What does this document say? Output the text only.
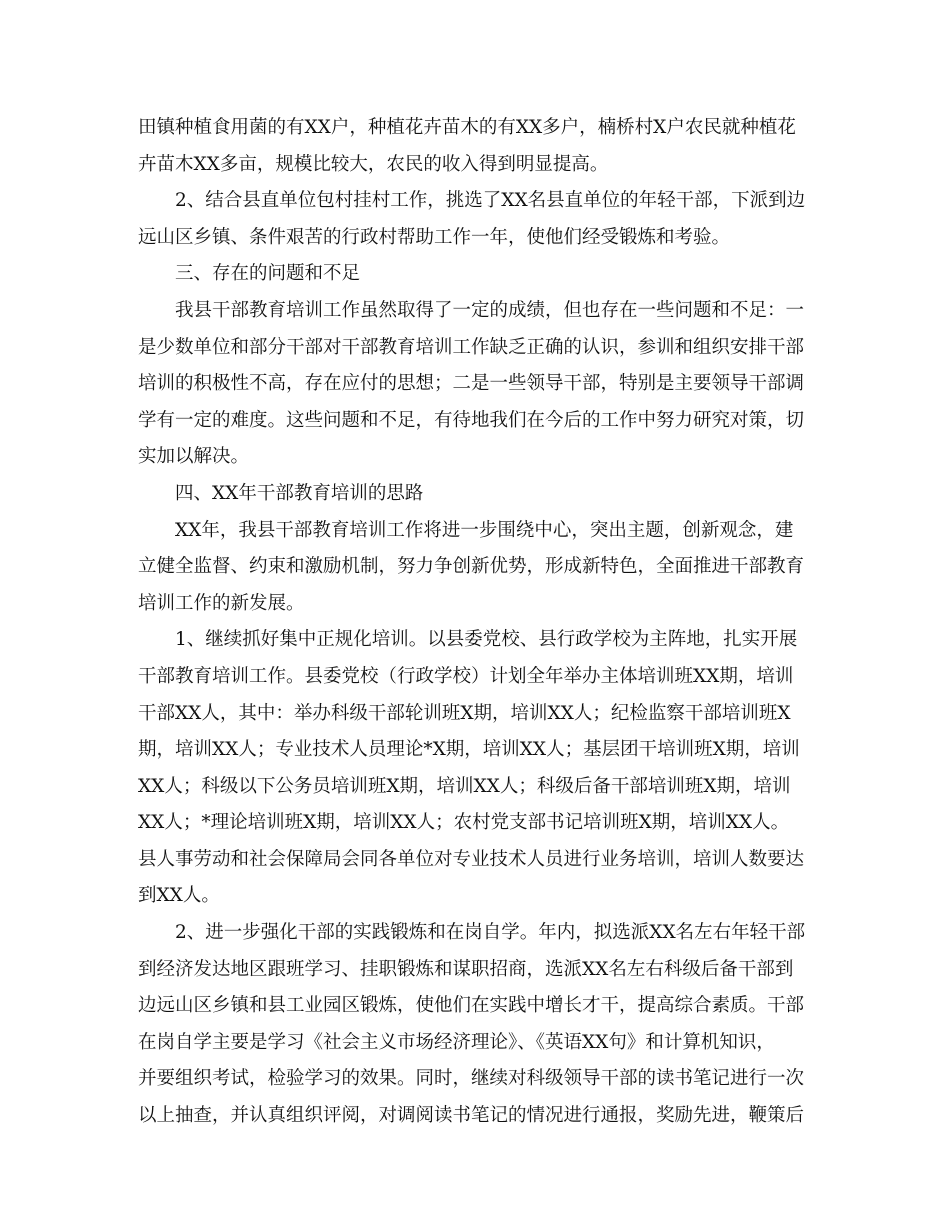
田镇种植食用菌的有XX户，种植花卉苗木的有XX多户，楠桥村X户农民就种植花
卉苗木XX多亩，规模比较大，农民的收入得到明显提高。

　　2、结合县直单位包村挂村工作，挑选了XX名县直单位的年轻干部，下派到边
远山区乡镇、条件艰苦的行政村帮助工作一年，使他们经受锻炼和考验。

　　三、存在的问题和不足

　　我县干部教育培训工作虽然取得了一定的成绩，但也存在一些问题和不足：一
是少数单位和部分干部对干部教育培训工作缺乏正确的认识，参训和组织安排干部
培训的积极性不高，存在应付的思想；二是一些领导干部，特别是主要领导干部调
学有一定的难度。这些问题和不足，有待地我们在今后的工作中努力研究对策，切
实加以解决。

　　四、XX年干部教育培训的思路

　　XX年，我县干部教育培训工作将进一步围绕中心，突出主题，创新观念，建
立健全监督、约束和激励机制，努力争创新优势，形成新特色，全面推进干部教育
培训工作的新发展。

　　1、继续抓好集中正规化培训。以县委党校、县行政学校为主阵地，扎实开展
干部教育培训工作。县委党校（行政学校）计划全年举办主体培训班XX期，培训
干部XX人，其中：举办科级干部轮训班X期，培训XX人；纪检监察干部培训班X
期，培训XX人；专业技术人员理论*X期，培训XX人；基层团干培训班X期，培训
XX人；科级以下公务员培训班X期，培训XX人；科级后备干部培训班X期，培训
XX人；*理论培训班X期，培训XX人；农村党支部书记培训班X期，培训XX人。
县人事劳动和社会保障局会同各单位对专业技术人员进行业务培训，培训人数要达
到XX人。

　　2、进一步强化干部的实践锻炼和在岗自学。年内，拟选派XX名左右年轻干部
到经济发达地区跟班学习、挂职锻炼和谋职招商，选派XX名左右科级后备干部到
边远山区乡镇和县工业园区锻炼，使他们在实践中增长才干，提高综合素质。干部
在岗自学主要是学习《社会主义市场经济理论》、《英语XX句》和计算机知识，
并要组织考试，检验学习的效果。同时，继续对科级领导干部的读书笔记进行一次
以上抽查，并认真组织评阅，对调阅读书笔记的情况进行通报，奖励先进，鞭策后
